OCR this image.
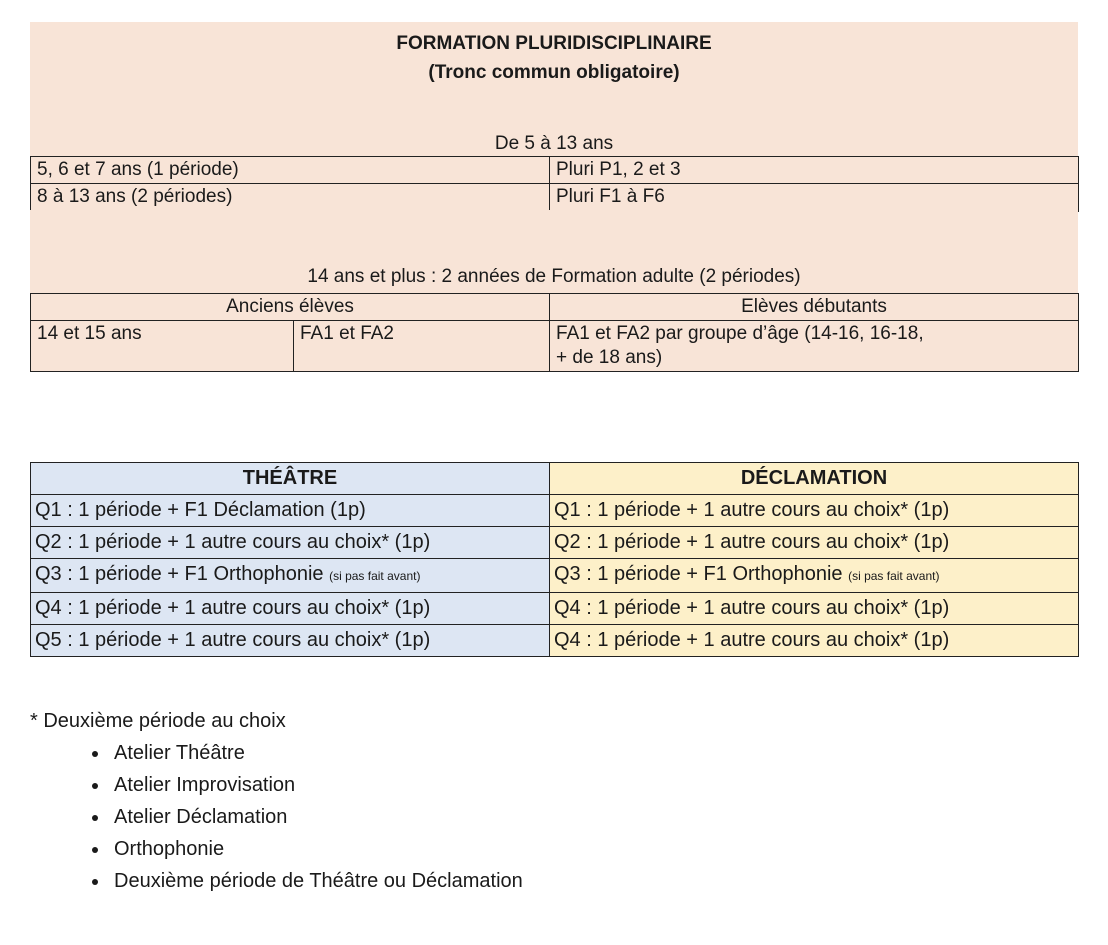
FORMATION PLURIDISCIPLINAIRE
(Tronc commun obligatoire)
De 5 à 13 ans
5, 6 et 7 ans (1 période)	Pluri P1, 2 et 3
8 à 13 ans (2 périodes)	Pluri F1 à F6
14 ans et plus : 2 années de Formation adulte (2 périodes)
Anciens élèves		Elèves débutants
14 et 15 ans	FA1 et FA2	FA1 et FA2 par groupe d’âge (14-16, 16-18,
+ de 18 ans)
THÉÂTRE	DÉCLAMATION
Q1 : 1 période + F1 Déclamation (1p)	Q1 : 1 période + 1 autre cours au choix* (1p)
Q2 : 1 période + 1 autre cours au choix* (1p)	Q2 : 1 période + 1 autre cours au choix* (1p)
Q3 : 1 période + F1 Orthophonie (si pas fait avant)	Q3 : 1 période + F1 Orthophonie (si pas fait avant)
Q4 : 1 période + 1 autre cours au choix* (1p)	Q4 : 1 période + 1 autre cours au choix* (1p)
Q5 : 1 période + 1 autre cours au choix* (1p)	Q4 : 1 période + 1 autre cours au choix* (1p)
* Deuxième période au choix
• Atelier Théâtre
• Atelier Improvisation
• Atelier Déclamation
• Orthophonie
• Deuxième période de Théâtre ou Déclamation
